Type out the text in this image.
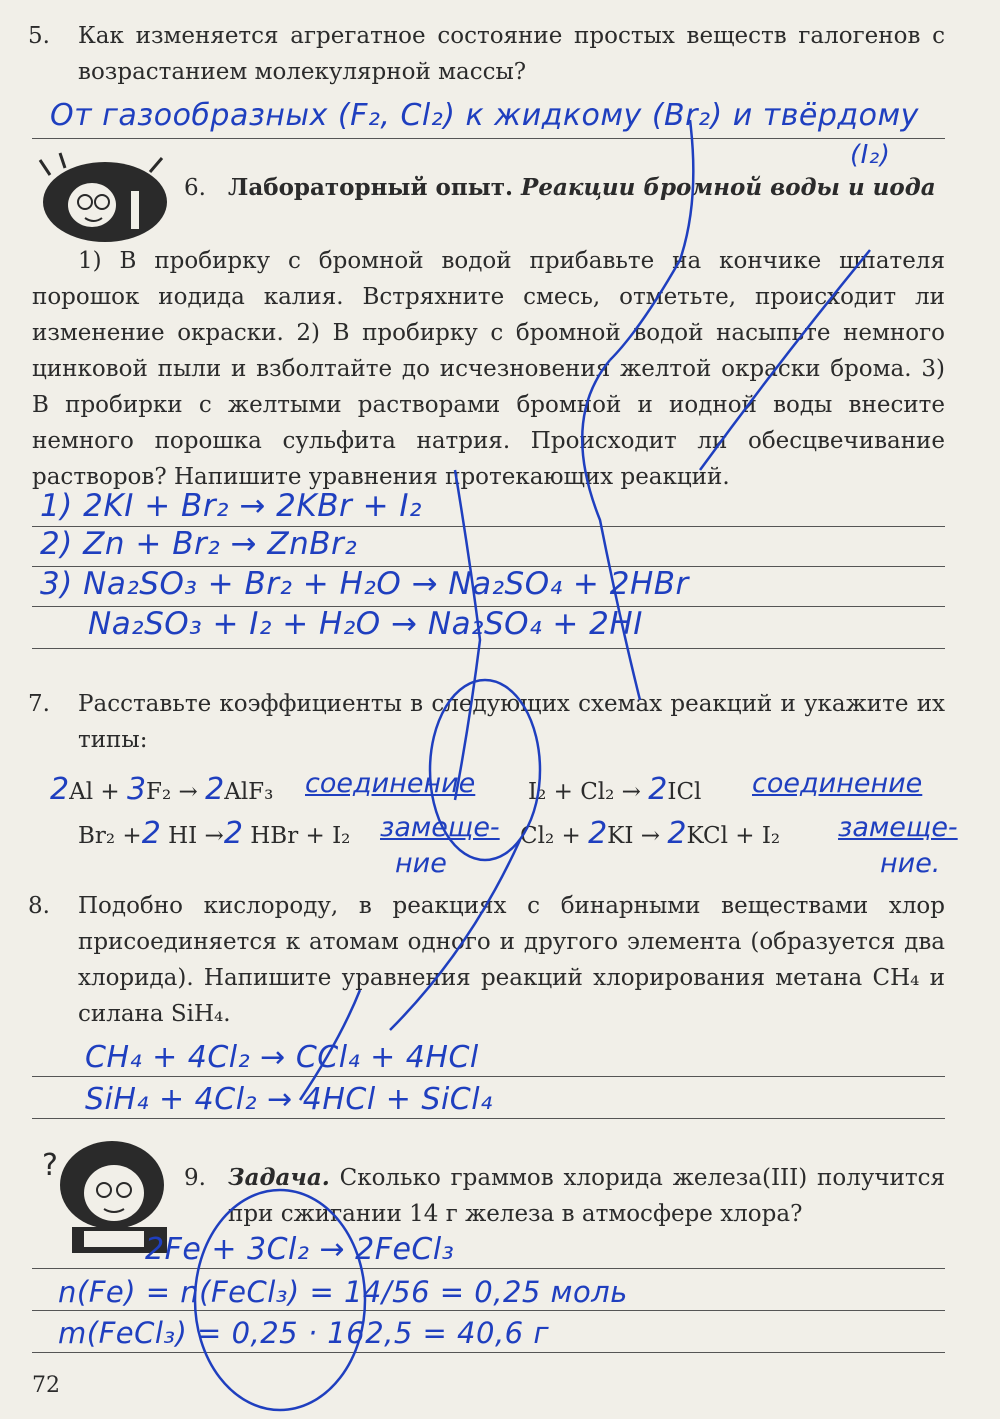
5. Как изменяется агрегатное состояние простых веществ галогенов с возрастанием молекулярной массы?
От газообразных (F₂, Cl₂) к жидкому (Br₂) и твёрдому
(I₂)
6. Лабораторный опыт. Реакции бромной воды и иода
1) В пробирку с бромной водой прибавьте на кончике шпателя порошок иодида калия. Встряхните смесь, отметьте, происходит ли изменение окраски. 2) В пробирку с бромной водой насыпьте немного цинковой пыли и взболтайте до исчезновения желтой окраски брома. 3) В пробирки с желтыми растворами бромной и иодной воды внесите немного порошка сульфита натрия. Происходит ли обесцвечивание растворов? Напишите уравнения протекающих реакций.
1) 2KI + Br₂ → 2KBr + I₂
2) Zn + Br₂ → ZnBr₂
3) Na₂SO₃ + Br₂ + H₂O → Na₂SO₄ + 2HBr
Na₂SO₃ + I₂ + H₂O → Na₂SO₄ + 2HI
7. Расставьте коэффициенты в следующих схемах реакций и укажите их типы:
2Al + 3F₂ → 2AlF₃ соединение I₂ + Cl₂ → 2ICl соединение
Br₂ +2 HI →2 HBr + I₂ замеще- Cl₂ + 2KI → 2KCl + I₂ замеще-
ние	ние.
8. Подобно кислороду, в реакциях с бинарными веществами хлор присоединяется к атомам одного и другого элемента (образуется два хлорида). Напишите уравнения реакций хлорирования метана CH₄ и силана SiH₄.
CH₄ + 4Cl₂ → CCl₄ + 4HCl
SiH₄ + 4Cl₂ → 4HCl + SiCl₄
?	9. Задача. Сколько граммов хлорида железа(III) получится при сжигании 14 г железа в атмосфере хлора?
2Fe + 3Cl₂ → 2FeCl₃
n(Fe) = n(FeCl₃) = 14/56 = 0,25 моль
m(FeCl₃) = 0,25 · 162,5 = 40,6 г
72
